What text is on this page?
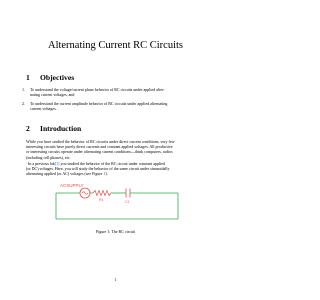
Alternating Current RC Circuits
1 Objectives
1. To understand the voltage/current phase behavior of RC circuits under applied alter-
nating current voltages, and
2. To understand the current amplitude behavior of RC circuits under applied alternating
current voltages.
2 Introduction
While you have studied the behavior of RC circuits under direct current conditions, very few
interesting circuits have purely direct currents and constant applied voltages. All productive
or interesting circuits operate under alternating current conditions—think computers, radios
(including cell phones), etc.
In a previous lab[1] you studied the behavior of the RC circuit under constant applied
(or DC) voltages. Here, you will study the behavior of the same circuit under sinusoidally
alternating applied (or AC) voltages (see Figure 1).
ACSUPPLY
R1	C1

Figure 1: The RC circuit

1
